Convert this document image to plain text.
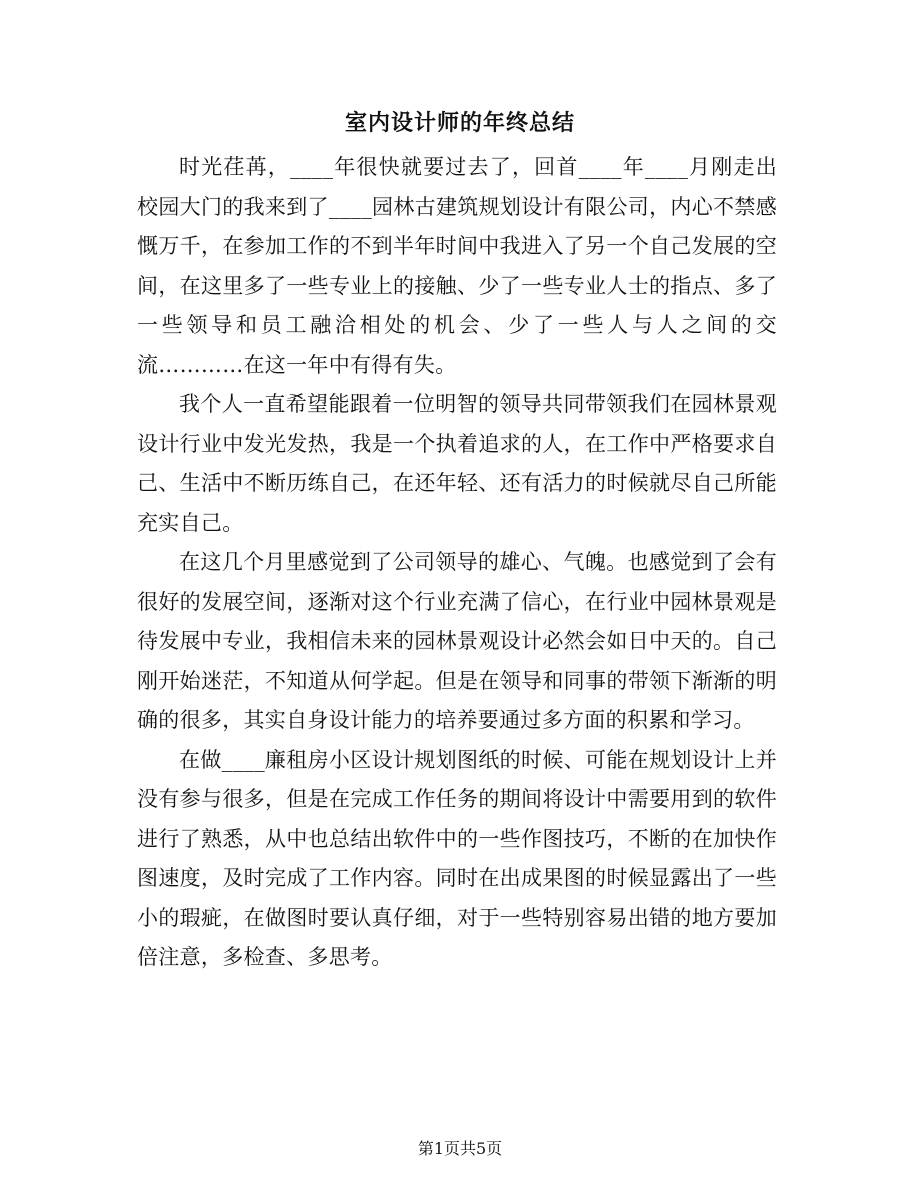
室内设计师的年终总结

时光荏苒，____年很快就要过去了，回首____年____月刚走出校园大门的我来到了____园林古建筑规划设计有限公司，内心不禁感慨万千，在参加工作的不到半年时间中我进入了另一个自己发展的空间，在这里多了一些专业上的接触、少了一些专业人士的指点、多了一些领导和员工融洽相处的机会、少了一些人与人之间的交流…………在这一年中有得有失。

我个人一直希望能跟着一位明智的领导共同带领我们在园林景观设计行业中发光发热，我是一个执着追求的人，在工作中严格要求自己、生活中不断历练自己，在还年轻、还有活力的时候就尽自己所能充实自己。

在这几个月里感觉到了公司领导的雄心、气魄。也感觉到了会有很好的发展空间，逐渐对这个行业充满了信心，在行业中园林景观是待发展中专业，我相信未来的园林景观设计必然会如日中天的。自己刚开始迷茫，不知道从何学起。但是在领导和同事的带领下渐渐的明确的很多，其实自身设计能力的培养要通过多方面的积累和学习。

在做____廉租房小区设计规划图纸的时候、可能在规划设计上并没有参与很多，但是在完成工作任务的期间将设计中需要用到的软件进行了熟悉，从中也总结出软件中的一些作图技巧，不断的在加快作图速度，及时完成了工作内容。同时在出成果图的时候显露出了一些小的瑕疵，在做图时要认真仔细，对于一些特别容易出错的地方要加倍注意，多检查、多思考。

第1页共5页
